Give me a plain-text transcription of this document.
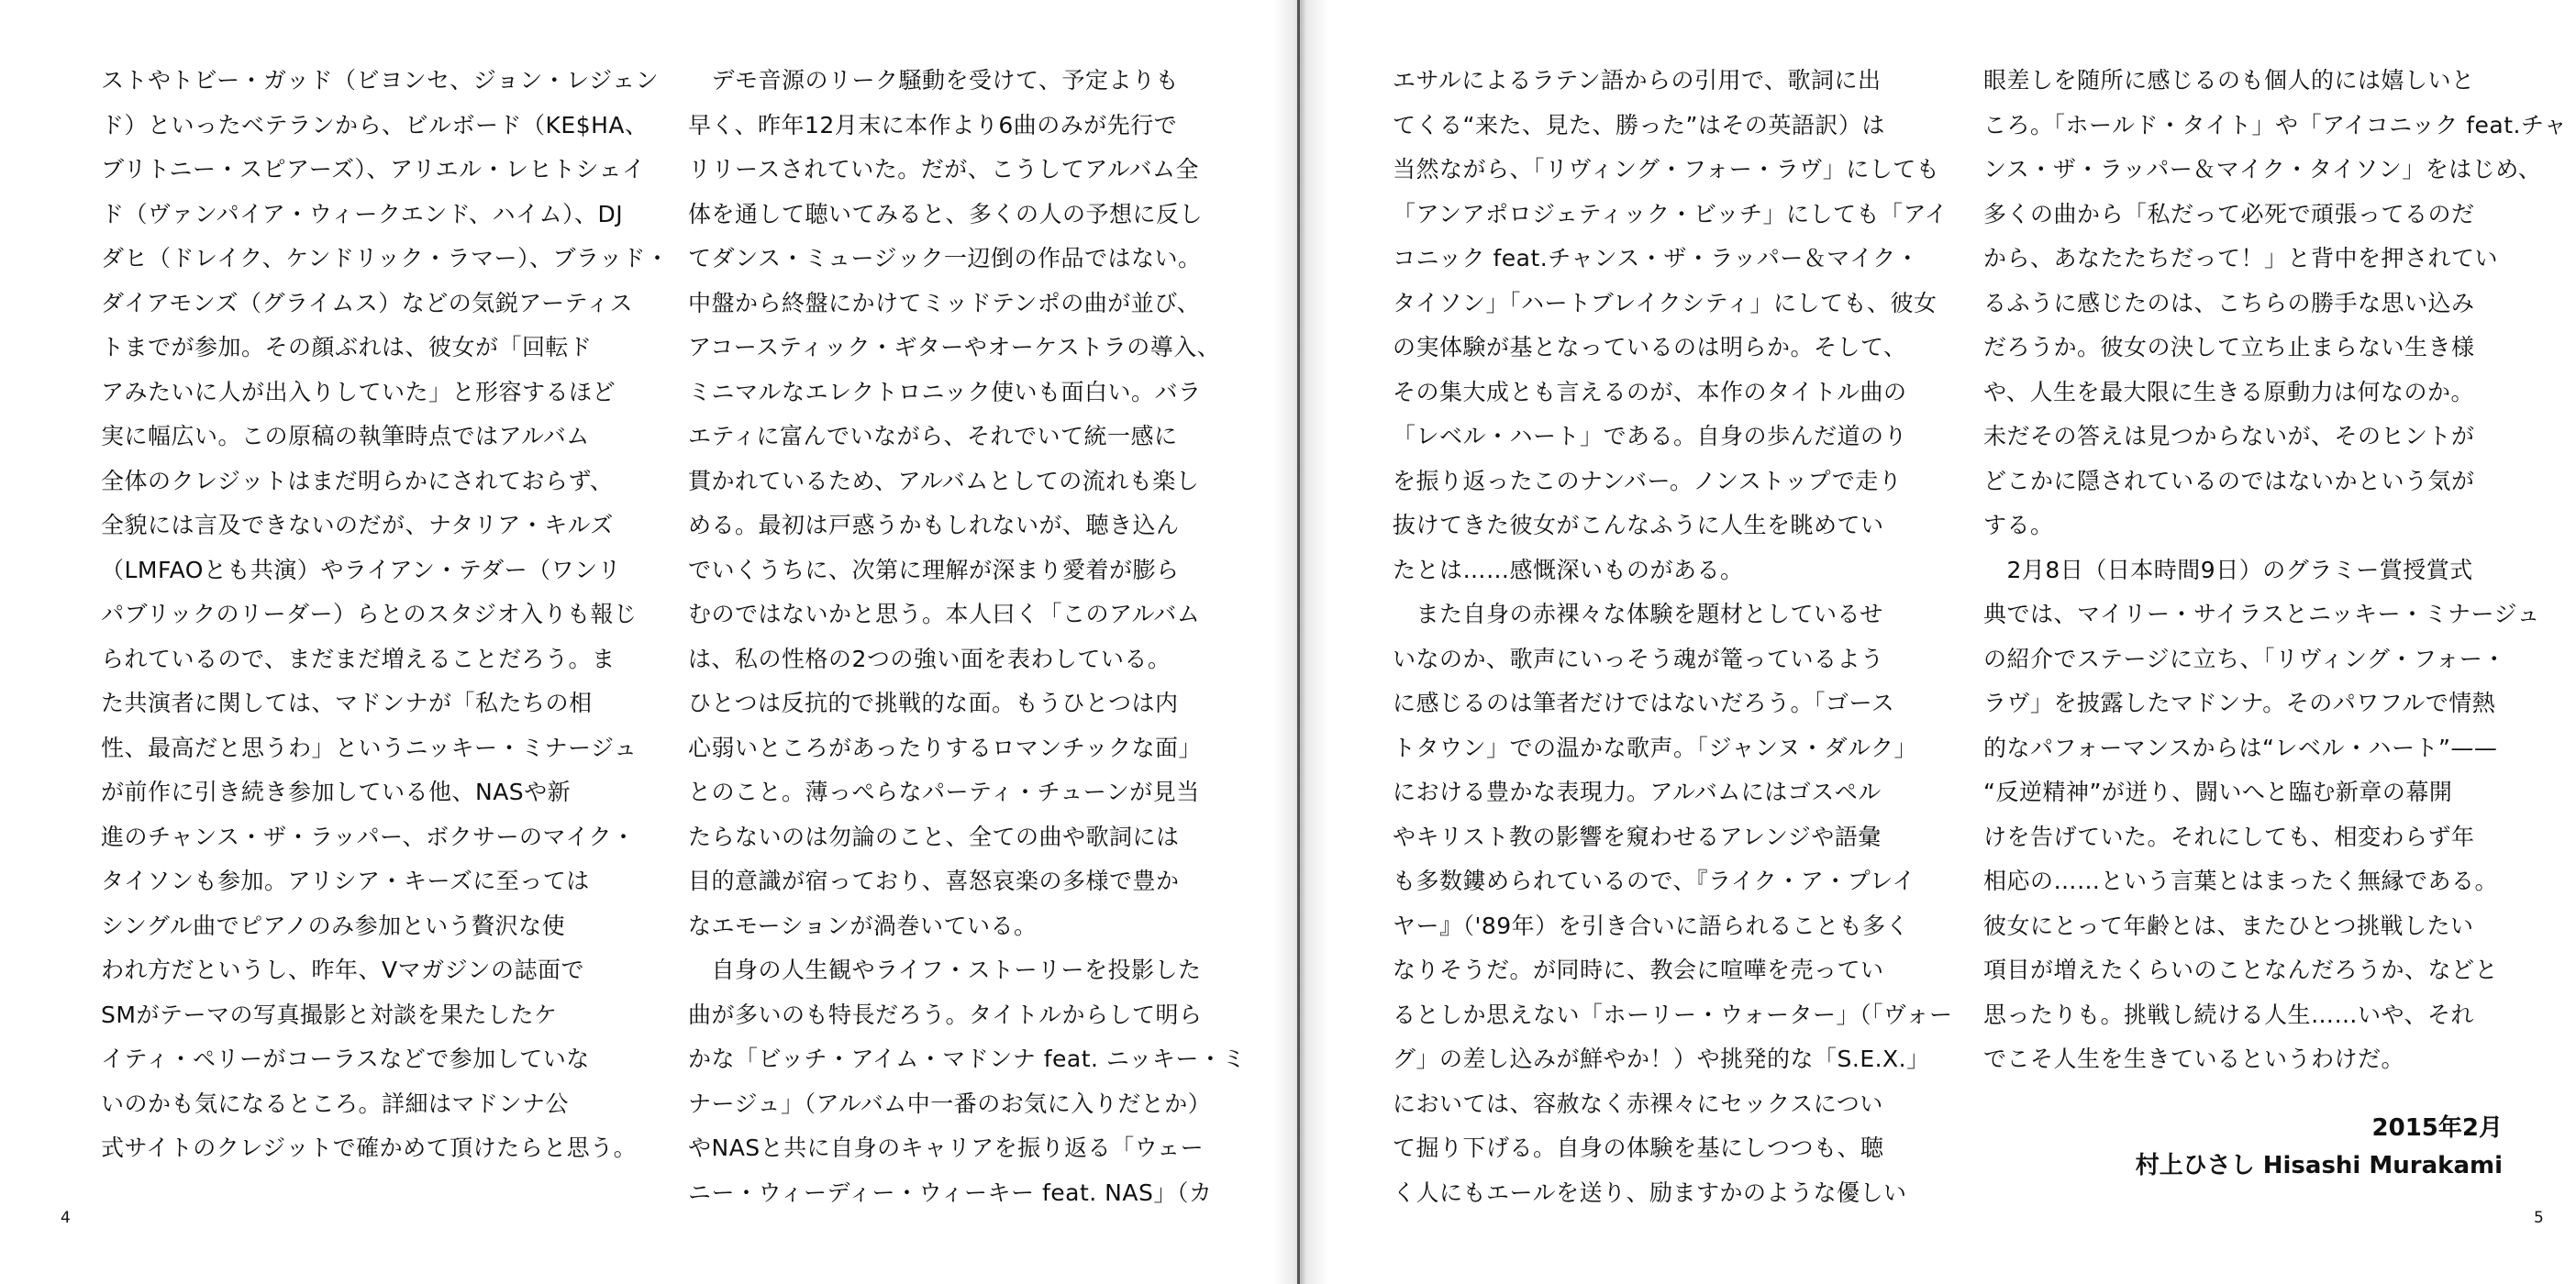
ストやトビー・ガッド（ビヨンセ、ジョン・レジェン
ド）といったベテランから、ビルボード（KE$HA、
ブリトニー・スピアーズ）、アリエル・レヒトシェイ
ド（ヴァンパイア・ウィークエンド、ハイム）、DJ
ダヒ（ドレイク、ケンドリック・ラマー）、ブラッド・
ダイアモンズ（グライムス）などの気鋭アーティス
トまでが参加。その顔ぶれは、彼女が「回転ド
アみたいに人が出入りしていた」と形容するほど
実に幅広い。この原稿の執筆時点ではアルバム
全体のクレジットはまだ明らかにされておらず、
全貌には言及できないのだが、ナタリア・キルズ
（LMFAOとも共演）やライアン・テダー（ワンリ
パブリックのリーダー）らとのスタジオ入りも報じ
られているので、まだまだ増えることだろう。ま
た共演者に関しては、マドンナが「私たちの相
性、最高だと思うわ」というニッキー・ミナージュ
が前作に引き続き参加している他、NASや新
進のチャンス・ザ・ラッパー、ボクサーのマイク・
タイソンも参加。アリシア・キーズに至っては
シングル曲でピアノのみ参加という贅沢な使
われ方だというし、昨年、Vマガジンの誌面で
SMがテーマの写真撮影と対談を果たしたケ
イティ・ペリーがコーラスなどで参加していな
いのかも気になるところ。詳細はマドンナ公
式サイトのクレジットで確かめて頂けたらと思う。
　デモ音源のリーク騒動を受けて、予定よりも
早く、昨年12月末に本作より6曲のみが先行で
リリースされていた。だが、こうしてアルバム全
体を通して聴いてみると、多くの人の予想に反し
てダンス・ミュージック一辺倒の作品ではない。
中盤から終盤にかけてミッドテンポの曲が並び、
アコースティック・ギターやオーケストラの導入、
ミニマルなエレクトロニック使いも面白い。バラ
エティに富んでいながら、それでいて統一感に
貫かれているため、アルバムとしての流れも楽し
める。最初は戸惑うかもしれないが、聴き込ん
でいくうちに、次第に理解が深まり愛着が膨ら
むのではないかと思う。本人曰く「このアルバム
は、私の性格の2つの強い面を表わしている。
ひとつは反抗的で挑戦的な面。もうひとつは内
心弱いところがあったりするロマンチックな面」
とのこと。薄っぺらなパーティ・チューンが見当
たらないのは勿論のこと、全ての曲や歌詞には
目的意識が宿っており、喜怒哀楽の多様で豊か
なエモーションが渦巻いている。
　自身の人生観やライフ・ストーリーを投影した
曲が多いのも特長だろう。タイトルからして明ら
かな「ビッチ・アイム・マドンナ feat. ニッキー・ミ
ナージュ」（アルバム中一番のお気に入りだとか）
やNASと共に自身のキャリアを振り返る「ウェー
ニー・ウィーディー・ウィーキー feat. NAS」（カ
エサルによるラテン語からの引用で、歌詞に出
てくる“来た、見た、勝った”はその英語訳）は
当然ながら、「リヴィング・フォー・ラヴ」にしても
「アンアポロジェティック・ビッチ」にしても「アイ
コニック feat.チャンス・ザ・ラッパー＆マイク・
タイソン」「ハートブレイクシティ」にしても、彼女
の実体験が基となっているのは明らか。そして、
その集大成とも言えるのが、本作のタイトル曲の
「レベル・ハート」である。自身の歩んだ道のり
を振り返ったこのナンバー。ノンストップで走り
抜けてきた彼女がこんなふうに人生を眺めてい
たとは……感慨深いものがある。
　また自身の赤裸々な体験を題材としているせ
いなのか、歌声にいっそう魂が篭っているよう
に感じるのは筆者だけではないだろう。「ゴース
トタウン」での温かな歌声。「ジャンヌ・ダルク」
における豊かな表現力。アルバムにはゴスペル
やキリスト教の影響を窺わせるアレンジや語彙
も多数鏤められているので、『ライク・ア・プレイ
ヤー』（'89年）を引き合いに語られることも多く
なりそうだ。が同時に、教会に喧嘩を売ってい
るとしか思えない「ホーリー・ウォーター」（「ヴォー
グ」の差し込みが鮮やか！）や挑発的な「S.E.X.」
においては、容赦なく赤裸々にセックスについ
て掘り下げる。自身の体験を基にしつつも、聴
く人にもエールを送り、励ますかのような優しい
眼差しを随所に感じるのも個人的には嬉しいと
ころ。「ホールド・タイト」や「アイコニック feat.チャ
ンス・ザ・ラッパー＆マイク・タイソン」をはじめ、
多くの曲から「私だって必死で頑張ってるのだ
から、あなたたちだって！」と背中を押されてい
るふうに感じたのは、こちらの勝手な思い込み
だろうか。彼女の決して立ち止まらない生き様
や、人生を最大限に生きる原動力は何なのか。
未だその答えは見つからないが、そのヒントが
どこかに隠されているのではないかという気が
する。
　2月8日（日本時間9日）のグラミー賞授賞式
典では、マイリー・サイラスとニッキー・ミナージュ
の紹介でステージに立ち、「リヴィング・フォー・
ラヴ」を披露したマドンナ。そのパワフルで情熱
的なパフォーマンスからは“レベル・ハート”——
“反逆精神”が迸り、闘いへと臨む新章の幕開
けを告げていた。それにしても、相変わらず年
相応の……という言葉とはまったく無縁である。
彼女にとって年齢とは、またひとつ挑戦したい
項目が増えたくらいのことなんだろうか、などと
思ったりも。挑戦し続ける人生……いや、それ
でこそ人生を生きているというわけだ。
2015年2月
村上ひさし Hisashi Murakami
4	5
